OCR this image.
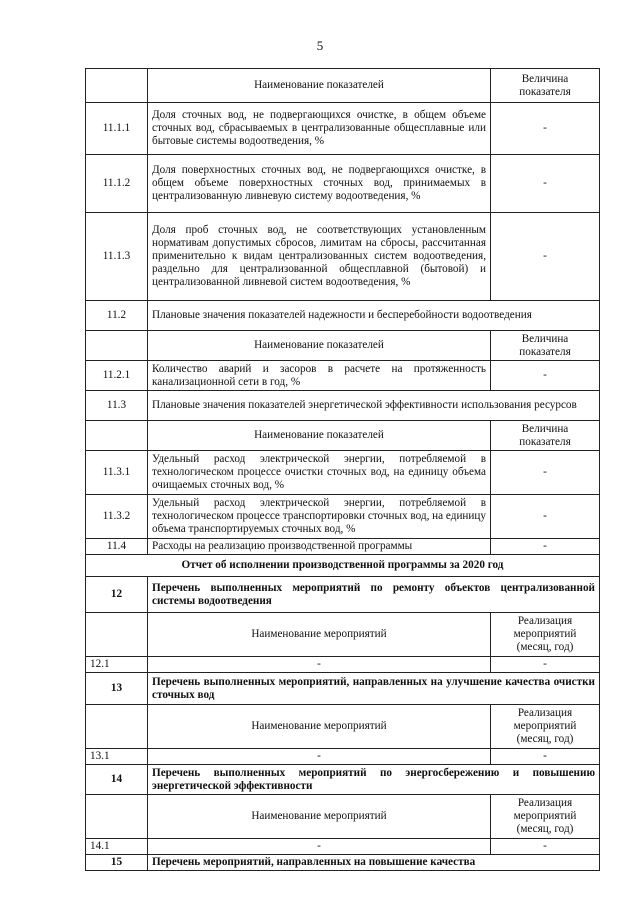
5
	Наименование показателей	Величина показателя
11.1.1	Доля сточных вод, не подвергающихся очистке, в общем объеме сточных вод, сбрасываемых в централизованные общесплавные или бытовые системы водоотведения, %	-
11.1.2	Доля поверхностных сточных вод, не подвергающихся очистке, в общем объеме поверхностных сточных вод, принимаемых в централизованную ливневую систему водоотведения, %	-
11.1.3	Доля проб сточных вод, не соответствующих установленным нормативам допустимых сбросов, лимитам на сбросы, рассчитанная применительно к видам централизованных систем водоотведения, раздельно для централизованной общесплавной (бытовой) и централизованной ливневой систем водоотведения, %	-
11.2	Плановые значения показателей надежности и бесперебойности водоотведения	
	Наименование показателей	Величина показателя
11.2.1	Количество аварий и засоров в расчете на протяженность канализационной сети в год, %	-
11.3	Плановые значения показателей энергетической эффективности использования ресурсов	
	Наименование показателей	Величина показателя
11.3.1	Удельный расход электрической энергии, потребляемой в технологическом процессе очистки сточных вод, на единицу объема очищаемых сточных вод, %	-
11.3.2	Удельный расход электрической энергии, потребляемой в технологическом процессе транспортировки сточных вод, на единицу объема транспортируемых сточных вод, %	-
11.4	Расходы на реализацию производственной программы	-
Отчет об исполнении производственной программы за 2020 год		
12	Перечень выполненных мероприятий по ремонту объектов централизованной системы водоотведения	
	Наименование мероприятий	Реализация мероприятий (месяц, год)
12.1	-	-
13	Перечень выполненных мероприятий, направленных на улучшение качества очистки сточных вод	
	Наименование мероприятий	Реализация мероприятий (месяц, год)
13.1	-	-
14	Перечень выполненных мероприятий по энергосбережению и повышению энергетической эффективности	
	Наименование мероприятий	Реализация мероприятий (месяц, год)
14.1	-	-
15	Перечень мероприятий, направленных на повышение качества	
